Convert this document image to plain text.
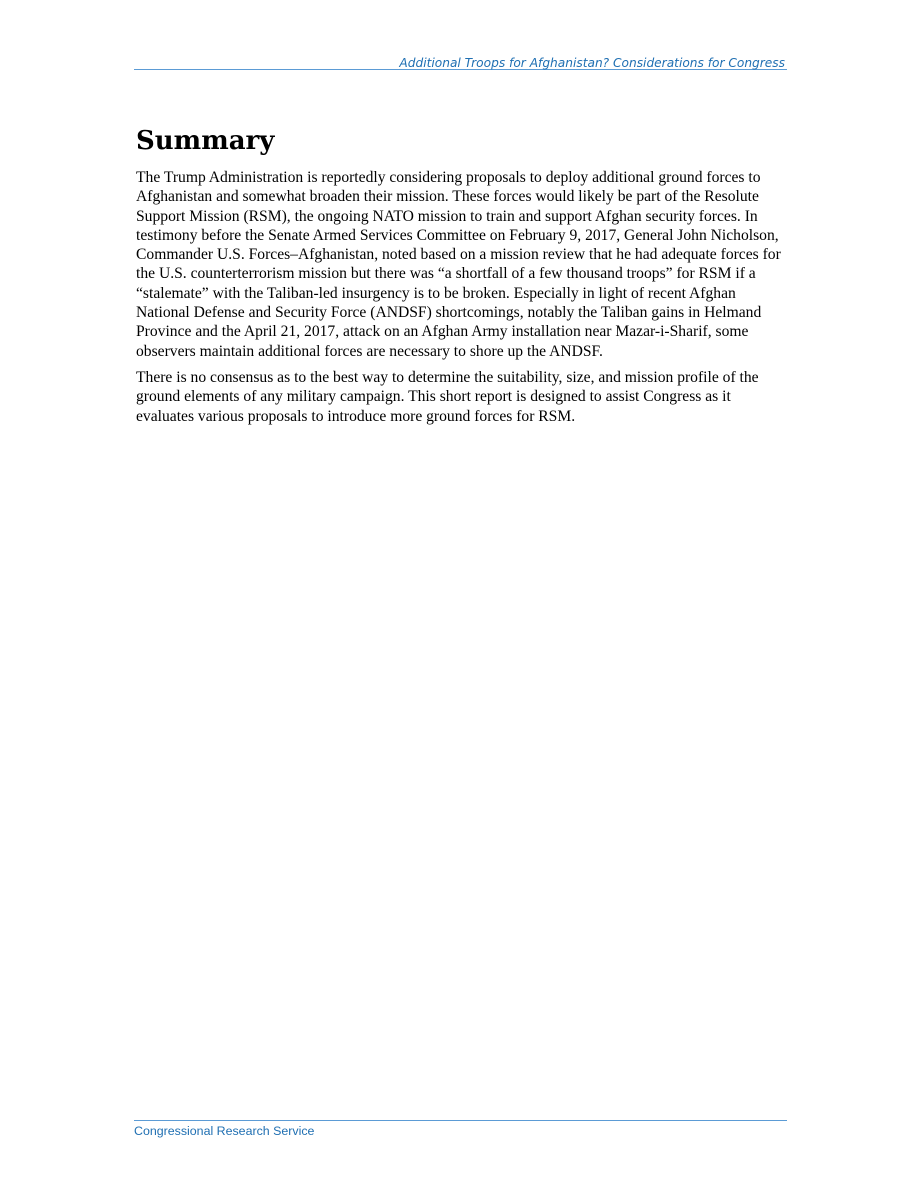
Additional Troops for Afghanistan? Considerations for Congress
Summary

The Trump Administration is reportedly considering proposals to deploy additional ground forces to Afghanistan and somewhat broaden their mission. These forces would likely be part of the Resolute Support Mission (RSM), the ongoing NATO mission to train and support Afghan security forces. In testimony before the Senate Armed Services Committee on February 9, 2017, General John Nicholson, Commander U.S. Forces–Afghanistan, noted based on a mission review that he had adequate forces for the U.S. counterterrorism mission but there was “a shortfall of a few thousand troops” for RSM if a “stalemate” with the Taliban-led insurgency is to be broken. Especially in light of recent Afghan National Defense and Security Force (ANDSF) shortcomings, notably the Taliban gains in Helmand Province and the April 21, 2017, attack on an Afghan Army installation near Mazar-i-Sharif, some observers maintain additional forces are necessary to shore up the ANDSF.

There is no consensus as to the best way to determine the suitability, size, and mission profile of the ground elements of any military campaign. This short report is designed to assist Congress as it evaluates various proposals to introduce more ground forces for RSM.

Congressional Research Service
